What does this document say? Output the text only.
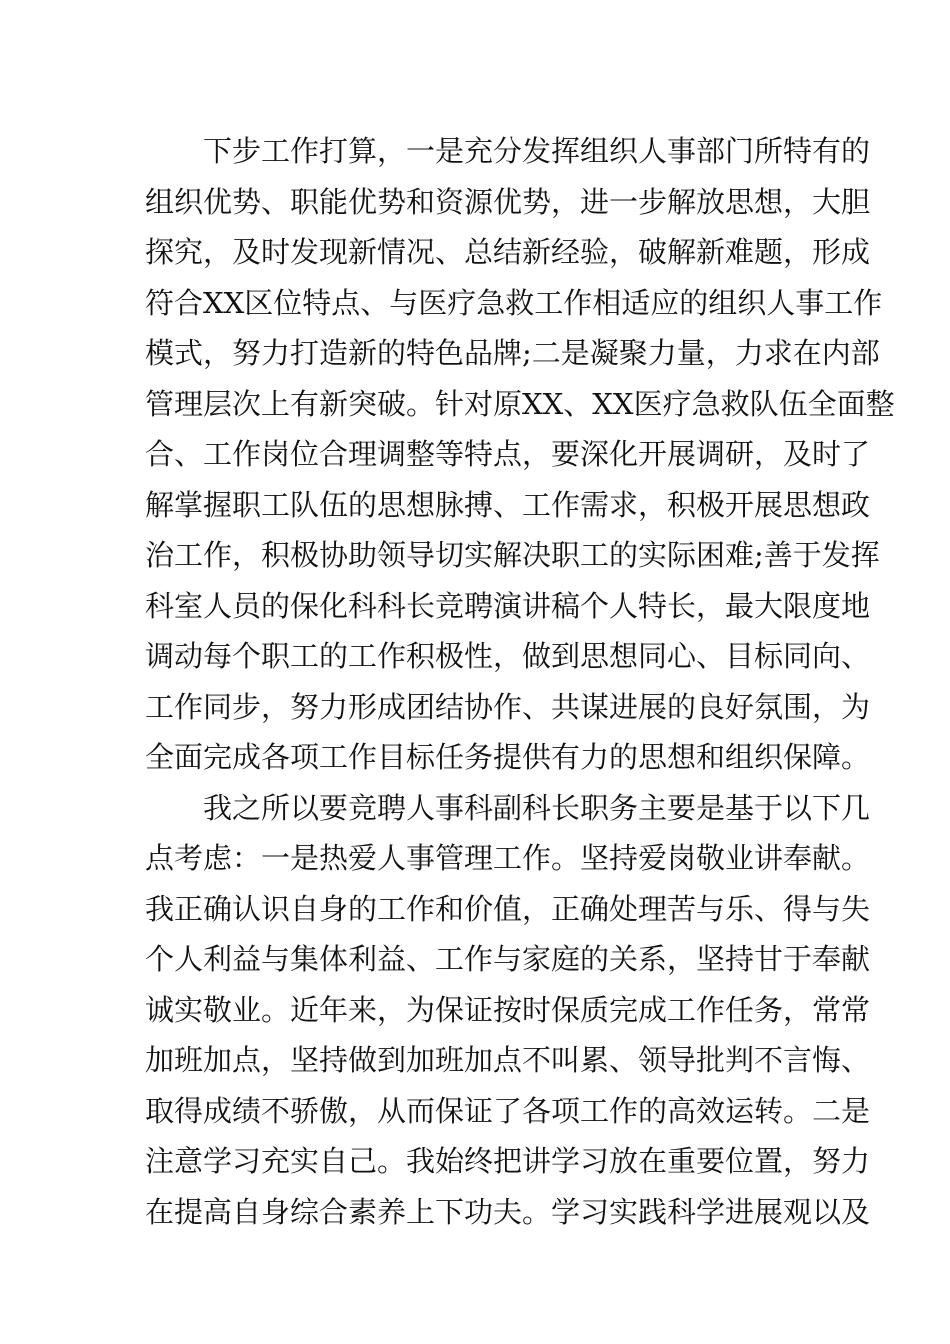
下步工作打算，一是充分发挥组织人事部门所特有的
组织优势、职能优势和资源优势，进一步解放思想，大胆
探究，及时发现新情况、总结新经验，破解新难题，形成
符合XX区位特点、与医疗急救工作相适应的组织人事工作
模式，努力打造新的特色品牌;二是凝聚力量，力求在内部
管理层次上有新突破。针对原XX、XX医疗急救队伍全面整
合、工作岗位合理调整等特点，要深化开展调研，及时了
解掌握职工队伍的思想脉搏、工作需求，积极开展思想政
治工作，积极协助领导切实解决职工的实际困难;善于发挥
科室人员的保化科科长竞聘演讲稿个人特长，最大限度地
调动每个职工的工作积极性，做到思想同心、目标同向、
工作同步，努力形成团结协作、共谋进展的良好氛围，为
全面完成各项工作目标任务提供有力的思想和组织保障。
我之所以要竞聘人事科副科长职务主要是基于以下几
点考虑：一是热爱人事管理工作。坚持爱岗敬业讲奉献。
我正确认识自身的工作和价值，正确处理苦与乐、得与失
个人利益与集体利益、工作与家庭的关系，坚持甘于奉献
诚实敬业。近年来，为保证按时保质完成工作任务，常常
加班加点，坚持做到加班加点不叫累、领导批判不言悔、
取得成绩不骄傲，从而保证了各项工作的高效运转。二是
注意学习充实自己。我始终把讲学习放在重要位置，努力
在提高自身综合素养上下功夫。学习实践科学进展观以及
